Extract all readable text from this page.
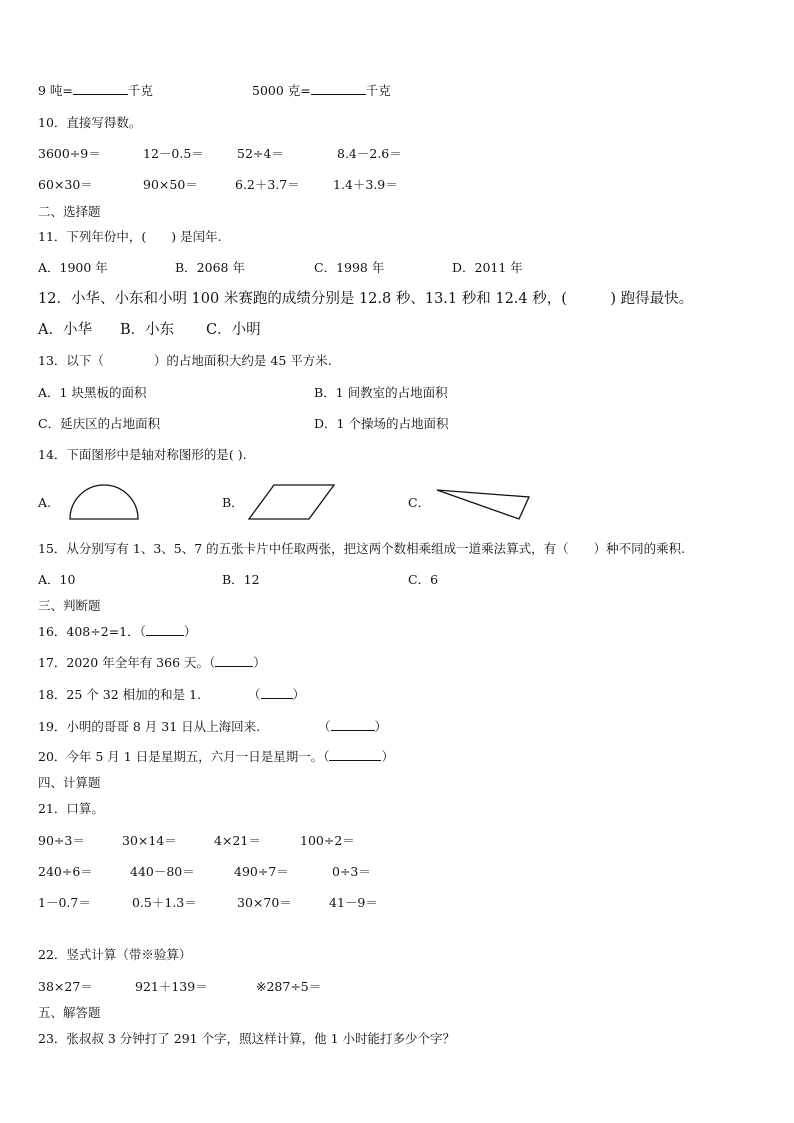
9 吨=	千克	5000 克=	千克
10．直接写得数。
3600÷9＝	12－0.5＝	52÷4＝	8.4－2.6＝
60×30＝	90×50＝	6.2＋3.7＝	1.4＋3.9＝
二、选择题
11．下列年份中，(　　) 是闰年.
A．1900 年	B．2068 年	C．1998 年	D．2011 年
12．小华、小东和小明 100 米赛跑的成绩分别是 12.8 秒、13.1 秒和 12.4 秒，(　　　) 跑得最快。
A．小华 B．小东 C．小明
13．以下（　　　　）的占地面积大约是 45 平方米.
A．1 块黑板的面积	B．1 间教室的占地面积
C．延庆区的占地面积	D．1 个操场的占地面积
14．下面图形中是轴对称图形的是( ).
A.	B．	C．
15．从分别写有 1、3、5、7 的五张卡片中任取两张，把这两个数相乘组成一道乘法算式，有（　　）种不同的乘积.
A．10	B．12	C．6
三、判断题
16．408÷2=1．（	）
17．2020 年全年有 366 天。（	）
18．25 个 32 相加的和是 1.	（	）
19．小明的哥哥 8 月 31 日从上海回来.	（	）
20．今年 5 月 1 日是星期五，六月一日是星期一。（	）
四、计算题
21．口算。
90÷3＝	30×14＝	4×21＝	100÷2＝
240÷6＝	440－80＝	490÷7＝	0÷3＝
1－0.7＝	0.5＋1.3＝	30×70＝	41－9＝
22．竖式计算（带※验算）
38×27＝	921＋139＝	※287÷5＝
五、解答题
23．张叔叔 3 分钟打了 291 个字，照这样计算，他 1 小时能打多少个字？
